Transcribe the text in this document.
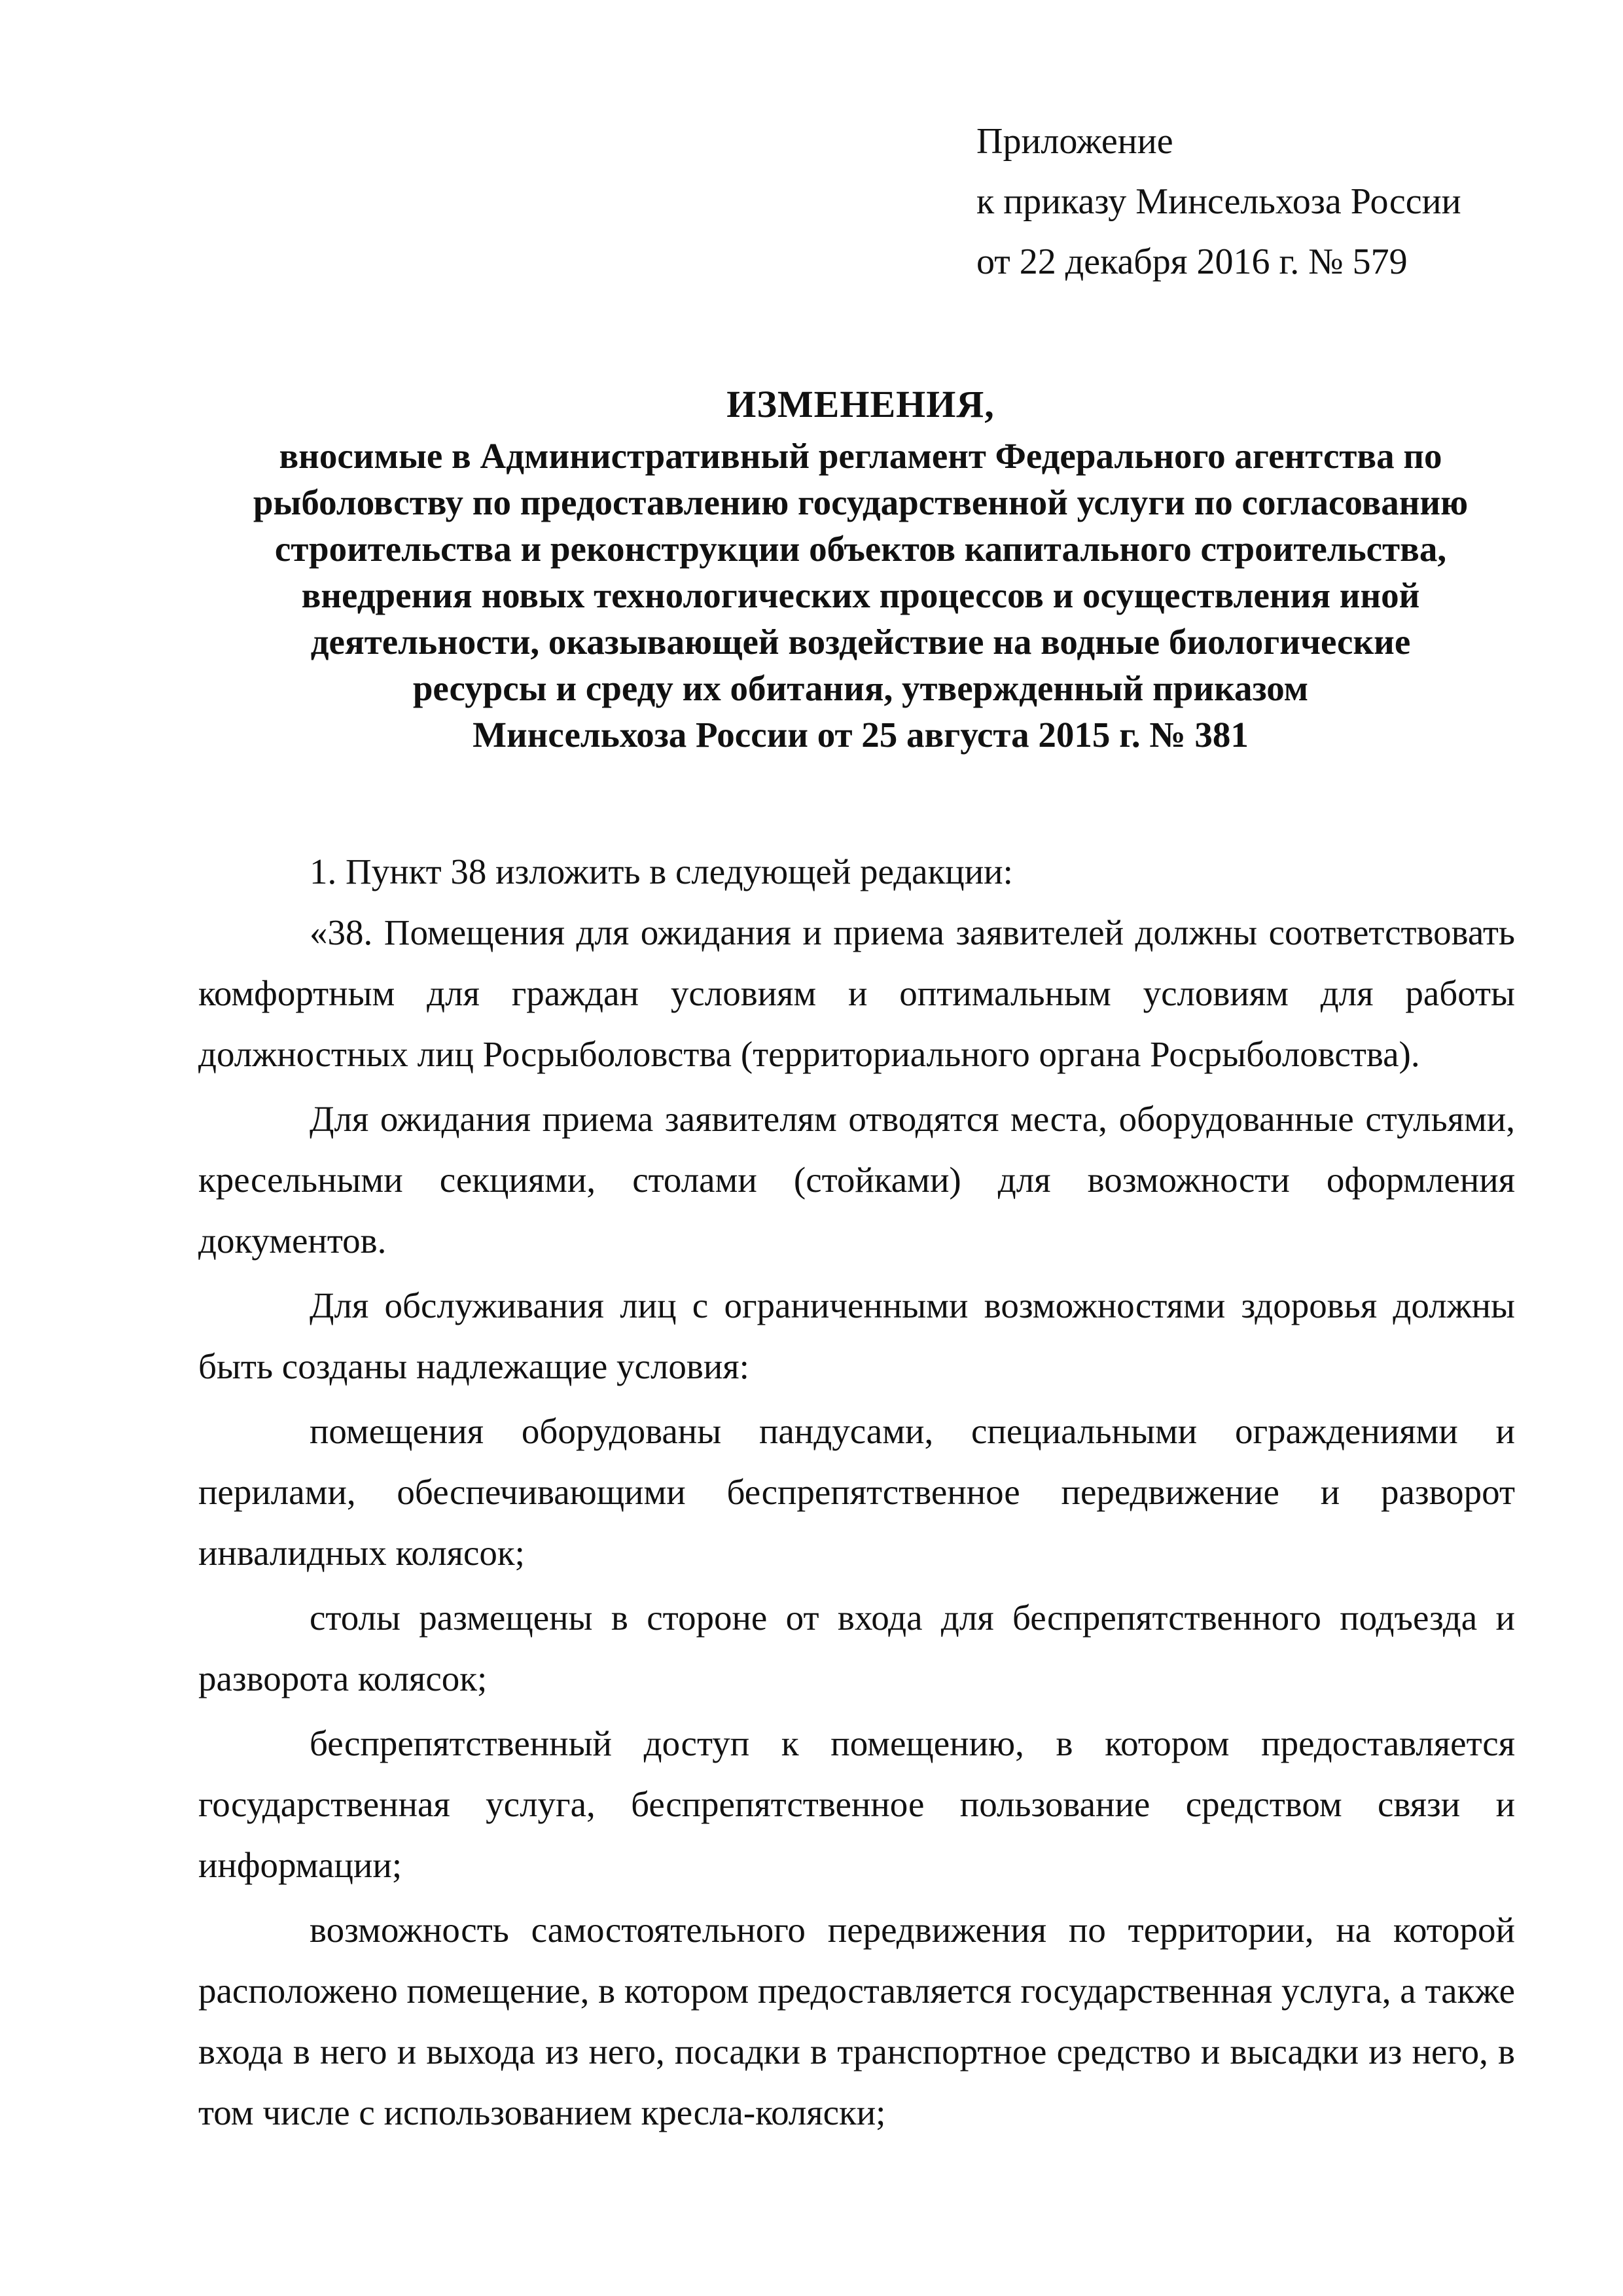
Приложение
к приказу Минсельхоза России
от 22 декабря 2016 г. № 579
ИЗМЕНЕНИЯ,
вносимые в Административный регламент Федерального агентства по
рыболовству по предоставлению государственной услуги по согласованию
строительства и реконструкции объектов капитального строительства,
внедрения новых технологических процессов и осуществления иной
деятельности, оказывающей воздействие на водные биологические
ресурсы и среду их обитания, утвержденный приказом
Минсельхоза России от 25 августа 2015 г. № 381

1. Пункт 38 изложить в следующей редакции:

«38. Помещения для ожидания и приема заявителей должны соответствовать комфортным для граждан условиям и оптимальным условиям для работы должностных лиц Росрыболовства (территориального органа Росрыболовства).

Для ожидания приема заявителям отводятся места, оборудованные стульями, кресельными секциями, столами (стойками) для возможности оформления документов.

Для обслуживания лиц с ограниченными возможностями здоровья должны быть созданы надлежащие условия:

помещения оборудованы пандусами, специальными ограждениями и перилами, обеспечивающими беспрепятственное передвижение и разворот инвалидных колясок;

столы размещены в стороне от входа для беспрепятственного подъезда и разворота колясок;

беспрепятственный доступ к помещению, в котором предоставляется государственная услуга, беспрепятственное пользование средством связи и информации;

возможность самостоятельного передвижения по территории, на которой расположено помещение, в котором предоставляется государственная услуга, а также входа в него и выхода из него, посадки в транспортное средство и высадки из него, в том числе с использованием кресла-коляски;
